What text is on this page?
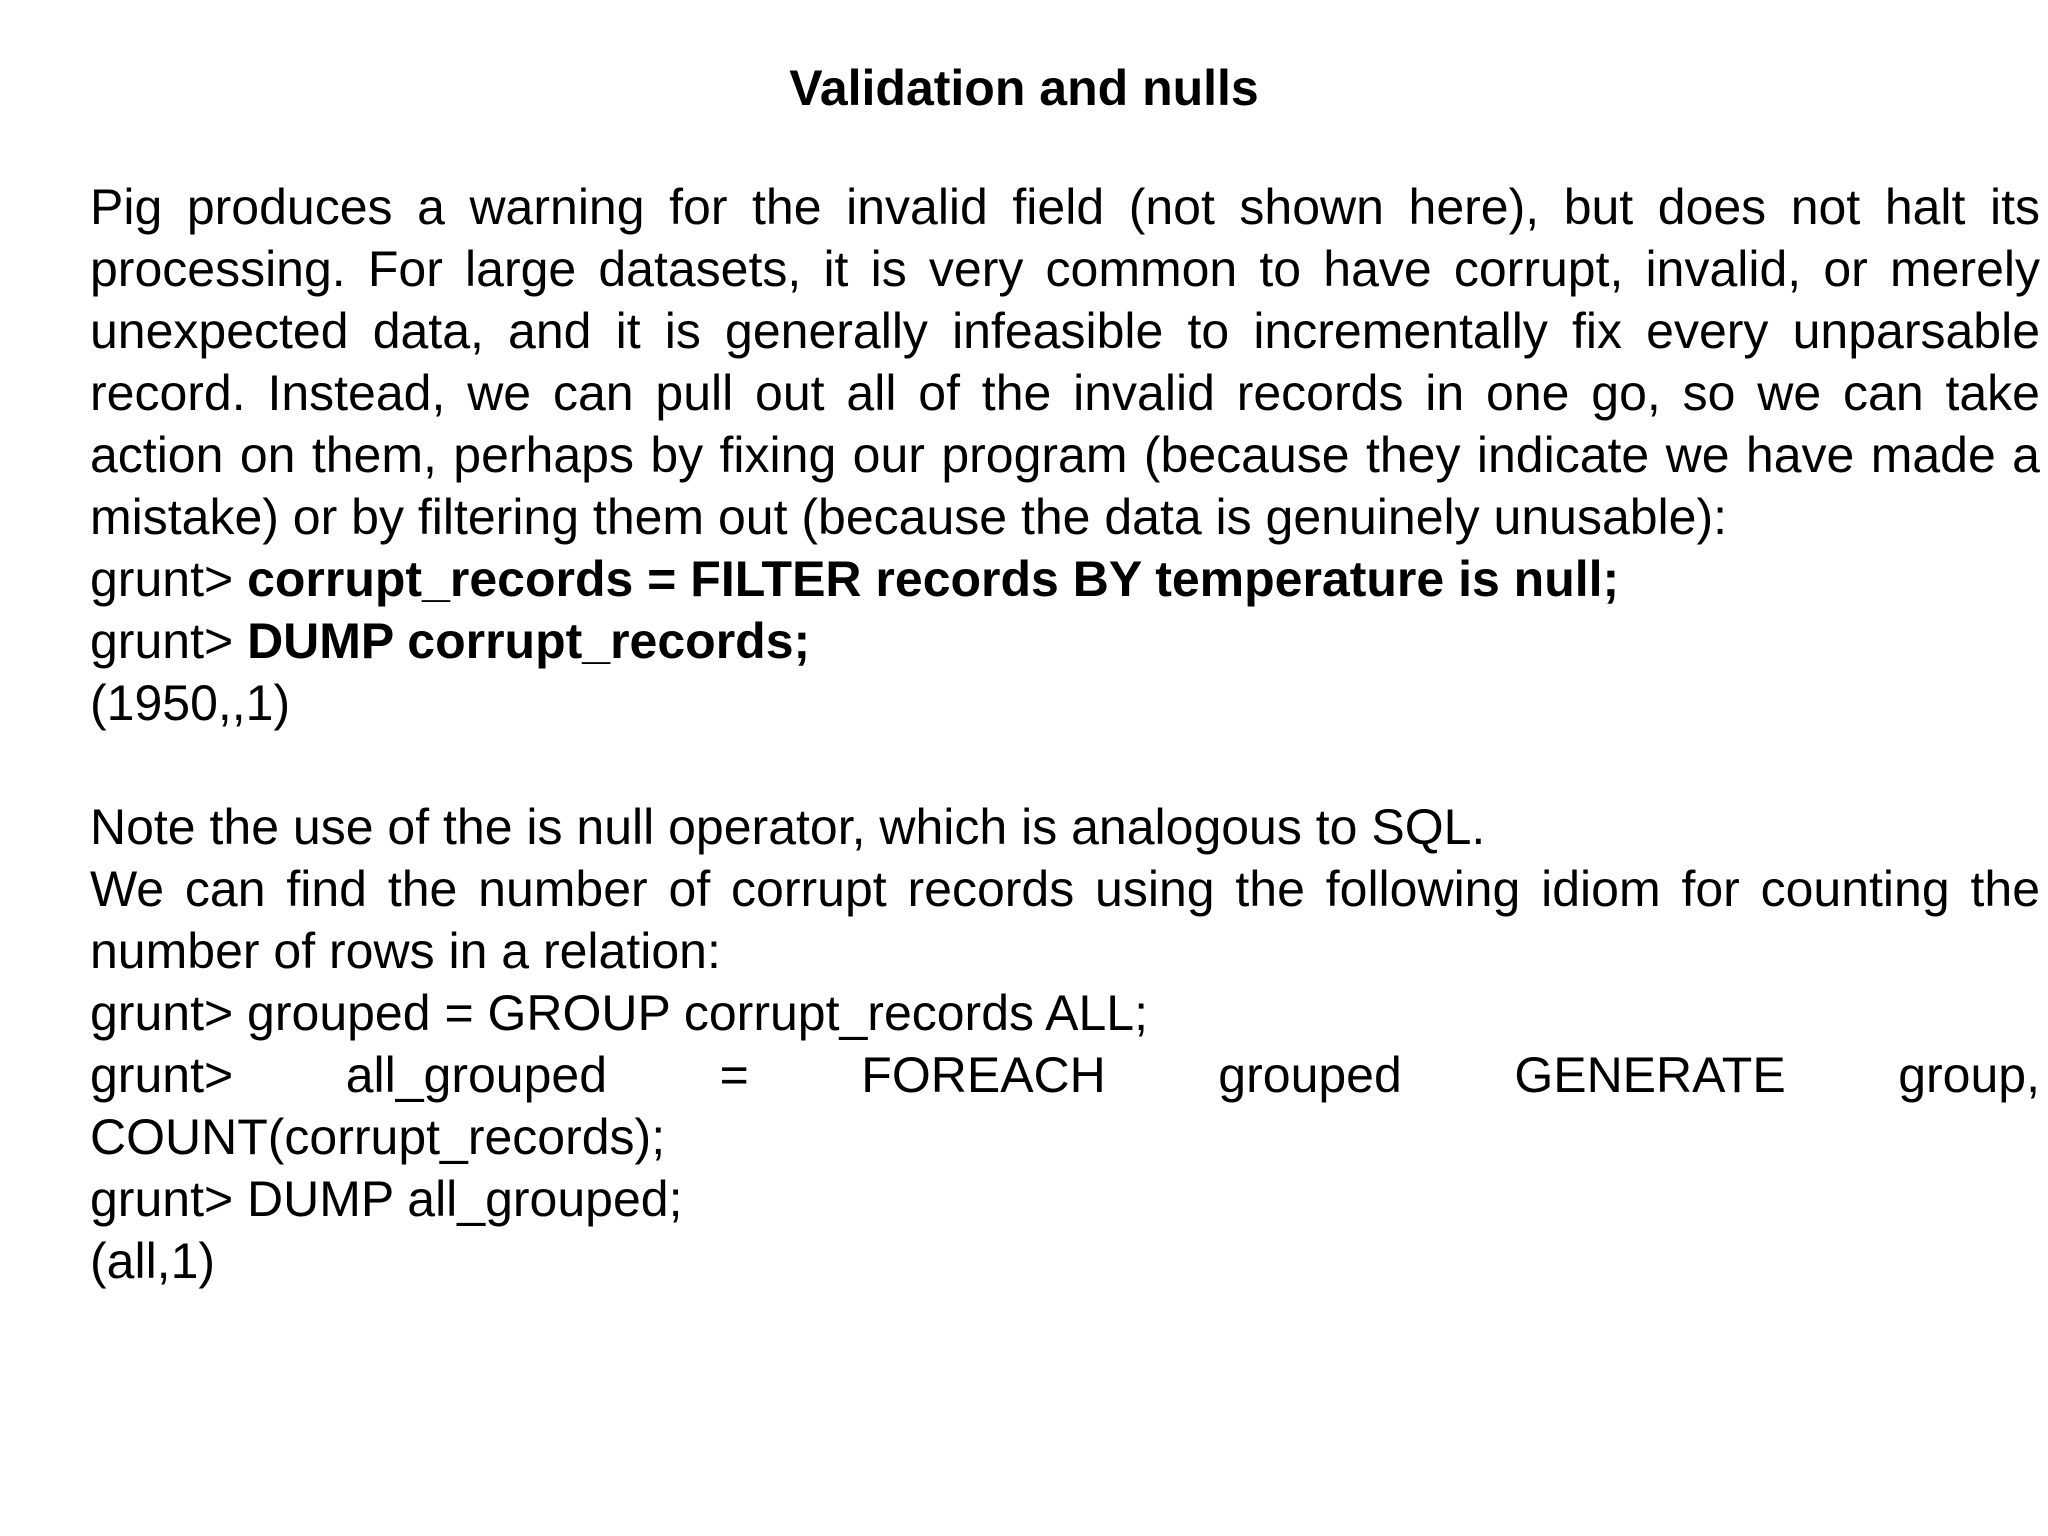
Validation and nulls

Pig produces a warning for the invalid field (not shown here), but does not halt its processing. For large datasets, it is very common to have corrupt, invalid, or merely unexpected data, and it is generally infeasible to incrementally fix every unparsable record. Instead, we can pull out all of the invalid records in one go, so we can take action on them, perhaps by fixing our program (because they indicate we have made a mistake) or by filtering them out (because the data is genuinely unusable):

grunt> corrupt_records = FILTER records BY temperature is null;

grunt> DUMP corrupt_records;

(1950,,1)

Note the use of the is null operator, which is analogous to SQL.

We can find the number of corrupt records using the following idiom for counting the number of rows in a relation:

grunt> grouped = GROUP corrupt_records ALL;

grunt> all_grouped = FOREACH grouped GENERATE group,

COUNT(corrupt_records);

grunt> DUMP all_grouped;

(all,1)
